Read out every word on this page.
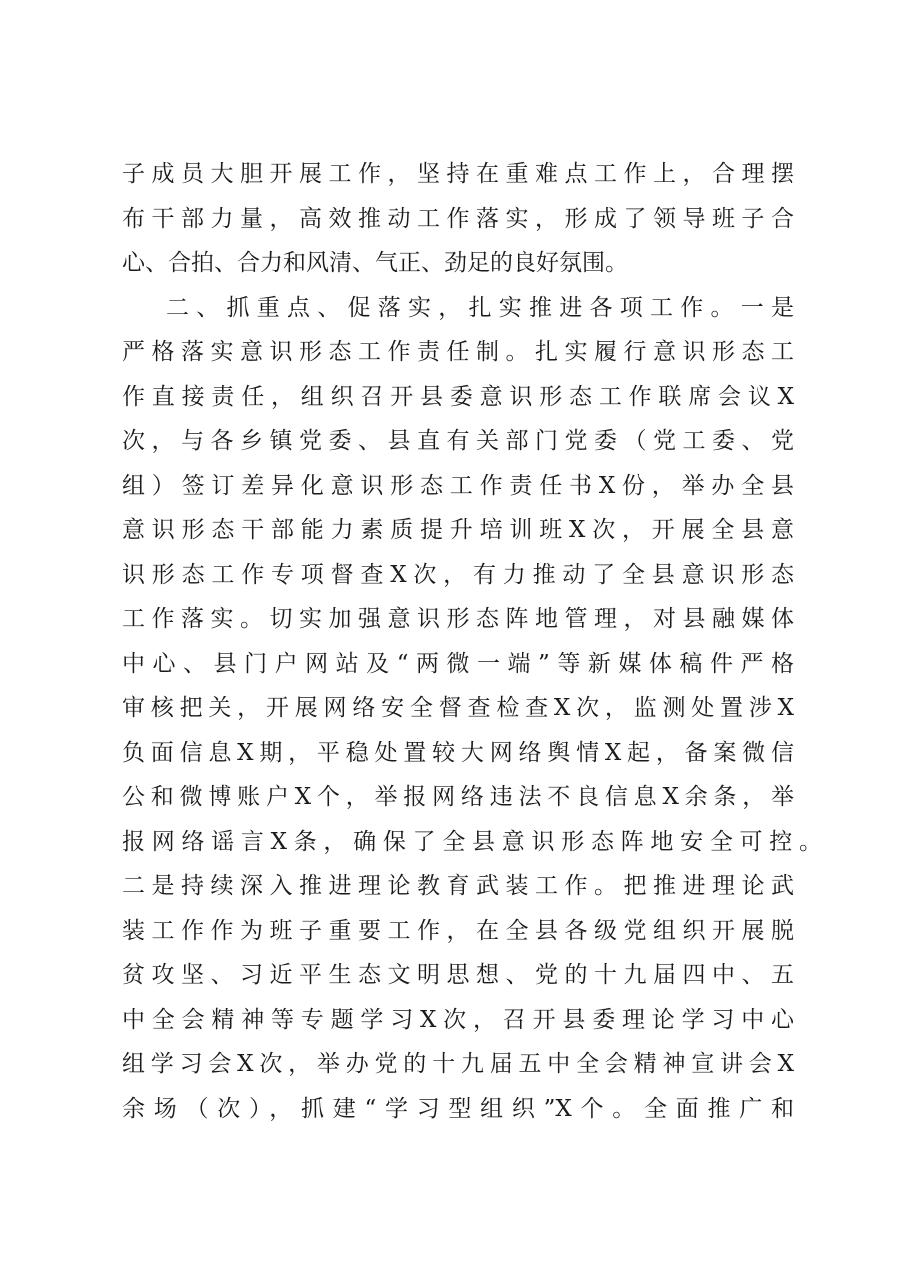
子成员大胆开展工作，坚持在重难点工作上，合理摆
布干部力量，高效推动工作落实，形成了领导班子合
心、合拍、合力和风清、气正、劲足的良好氛围。
二、抓重点、促落实，扎实推进各项工作。一是
严格落实意识形态工作责任制。扎实履行意识形态工
作直接责任，组织召开县委意识形态工作联席会议X
次，与各乡镇党委、县直有关部门党委（党工委、党
组）签订差异化意识形态工作责任书X份，举办全县
意识形态干部能力素质提升培训班X次，开展全县意
识形态工作专项督查X次，有力推动了全县意识形态
工作落实。切实加强意识形态阵地管理，对县融媒体
中心、县门户网站及“两微一端”等新媒体稿件严格
审核把关，开展网络安全督查检查X次，监测处置涉X
负面信息X期，平稳处置较大网络舆情X起，备案微信
公和微博账户X个，举报网络违法不良信息X余条，举
报网络谣言X条，确保了全县意识形态阵地安全可控。
二是持续深入推进理论教育武装工作。把推进理论武
装工作作为班子重要工作，在全县各级党组织开展脱
贫攻坚、习近平生态文明思想、党的十九届四中、五
中全会精神等专题学习X次，召开县委理论学习中心
组学习会X次，举办党的十九届五中全会精神宣讲会X
余场（次），抓建“学习型组织”X个。全面推广和
